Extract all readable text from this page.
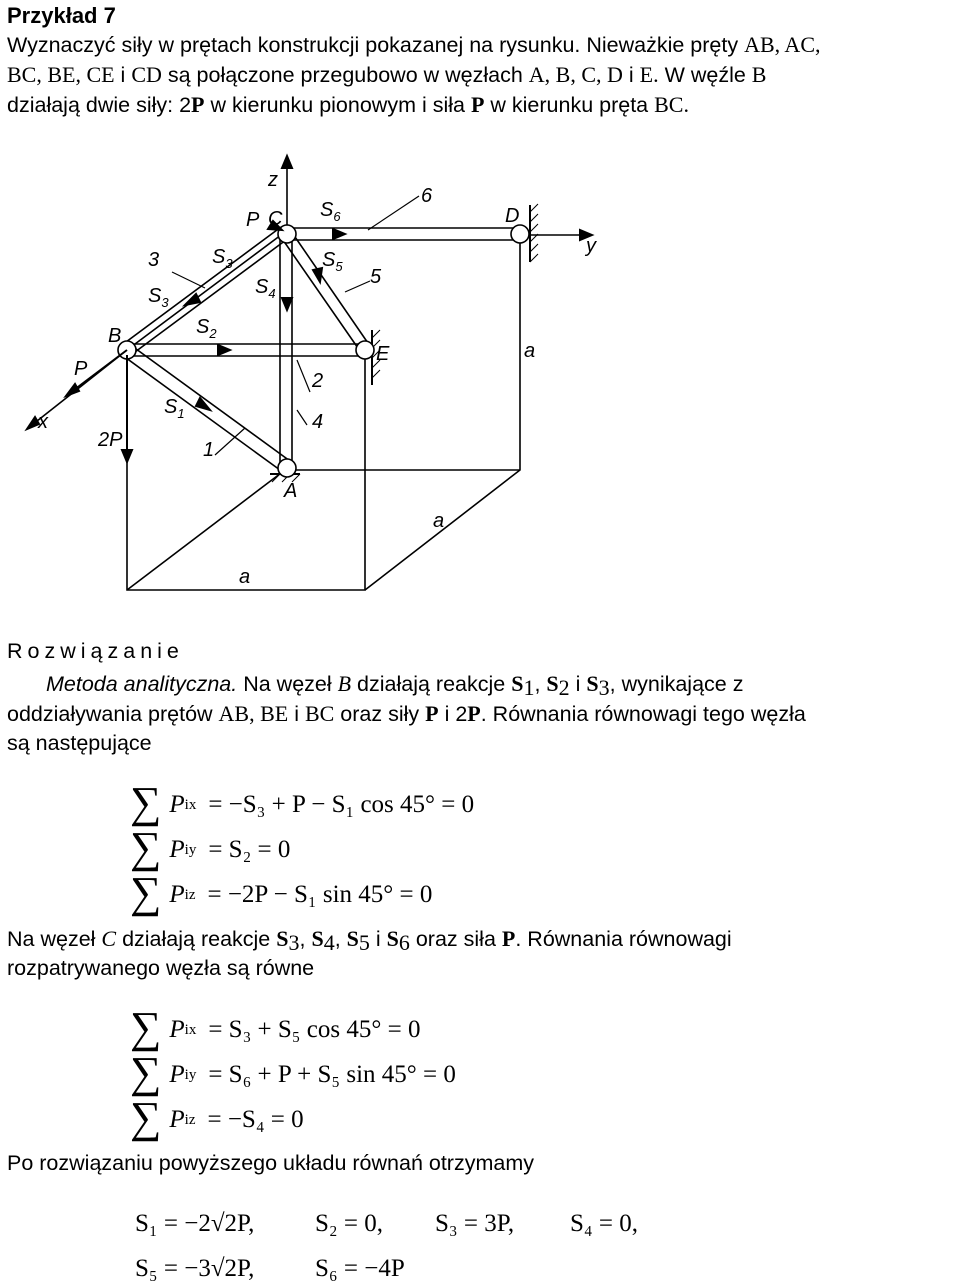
Przykład 7

Wyznaczyć siły w prętach konstrukcji pokazanej na rysunku. Nieważkie pręty AB, AC,

BC, BE, CE i CD są połączone przegubowo w węzłach A, B, C, D i E. W węźle B

działają dwie siły: 2P w kierunku pionowym i siła P w kierunku pręta BC.

z
y
x
P C	D
B
E
A
P
2P
$S_6$
$S_3$
$S_3$
$S_4$
$S_5$
$S_2$
$S_1$
3
6
5
2
4
1
a
a
a
Rozwiązanie

Metoda analityczna. Na węzeł B działają reakcje $S_1$, $S_2$ i $S_3$, wynikające z

oddziaływania prętów AB, BE i BC oraz siły P i 2P. Równania równowagi tego węzła

są następujące

∑ P ix = −S₃ + P − S₁ cos 45° = 0
∑ P iy = S₂ = 0
∑ P iz = −2P − S₁ sin 45° = 0

Na węzeł C działają reakcje $S_3$, $S_4$, $S_5$ i $S_6$ oraz siła P. Równania równowagi

rozpatrywanego węzła są równe

∑ P ix = S₃ + S₅ cos 45° = 0
∑ P iy = S₆ + P + S₅ sin 45° = 0
∑ P iz = −S₄ = 0
Po rozwiązaniu powyższego układu równań otrzymamy
S₁ = −2√2P, S₂ = 0, S₃ = 3P, S₄ = 0,
S₅ = −3√2P, S₆ = −4P
